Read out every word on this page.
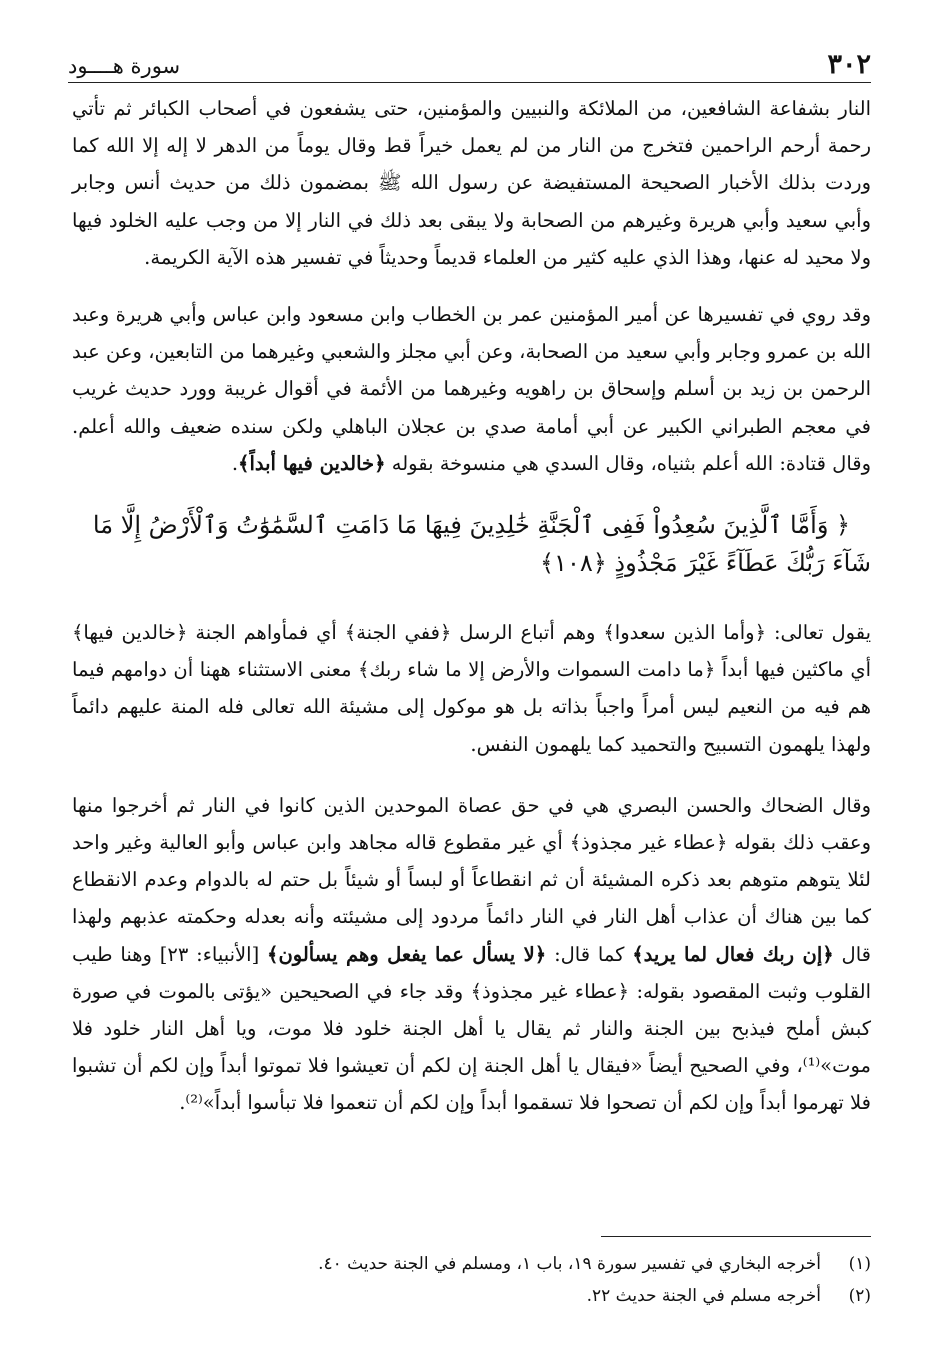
٣٠٢
سورة هــــود

النار بشفاعة الشافعين، من الملائكة والنبيين والمؤمنين، حتى يشفعون في أصحاب الكبائر ثم تأتي رحمة أرحم الراحمين فتخرج من النار من لم يعمل خيراً قط وقال يوماً من الدهر لا إله إلا الله كما وردت بذلك الأخبار الصحيحة المستفيضة عن رسول الله ﷺ بمضمون ذلك من حديث أنس وجابر وأبي سعيد وأبي هريرة وغيرهم من الصحابة ولا يبقى بعد ذلك في النار إلا من وجب عليه الخلود فيها ولا محيد له عنها، وهذا الذي عليه كثير من العلماء قديماً وحديثاً في تفسير هذه الآية الكريمة.

وقد روي في تفسيرها عن أمير المؤمنين عمر بن الخطاب وابن مسعود وابن عباس وأبي هريرة وعبد الله بن عمرو وجابر وأبي سعيد من الصحابة، وعن أبي مجلز والشعبي وغيرهما من التابعين، وعن عبد الرحمن بن زيد بن أسلم وإسحاق بن راهويه وغيرهما من الأئمة في أقوال غريبة وورد حديث غريب في معجم الطبراني الكبير عن أبي أمامة صدي بن عجلان الباهلي ولكن سنده ضعيف والله أعلم. وقال قتادة: الله أعلم بثنياه، وقال السدي هي منسوخة بقوله ﴿خالدين فيها أبداً﴾.

﴿ وَأَمَّا ٱلَّذِينَ سُعِدُواْ فَفِى ٱلْجَنَّةِ خَٰلِدِينَ فِيهَا مَا دَامَتِ ٱلسَّمَٰوَٰتُ وَٱلْأَرْضُ إِلَّا مَا شَآءَ رَبُّكَ عَطَآءً غَيْرَ مَجْذُوذٍ ﴿١٠٨﴾

يقول تعالى: ﴿وأما الذين سعدوا﴾ وهم أتباع الرسل ﴿ففي الجنة﴾ أي فمأواهم الجنة ﴿خالدين فيها﴾ أي ماكثين فيها أبداً ﴿ما دامت السموات والأرض إلا ما شاء ربك﴾ معنى الاستثناء ههنا أن دوامهم فيما هم فيه من النعيم ليس أمراً واجباً بذاته بل هو موكول إلى مشيئة الله تعالى فله المنة عليهم دائماً ولهذا يلهمون التسبيح والتحميد كما يلهمون النفس.

وقال الضحاك والحسن البصري هي في حق عصاة الموحدين الذين كانوا في النار ثم أخرجوا منها وعقب ذلك بقوله ﴿عطاء غير مجذوذ﴾ أي غير مقطوع قاله مجاهد وابن عباس وأبو العالية وغير واحد لئلا يتوهم متوهم بعد ذكره المشيئة أن ثم انقطاعاً أو لبساً أو شيئاً بل حتم له بالدوام وعدم الانقطاع كما بين هناك أن عذاب أهل النار في النار دائماً مردود إلى مشيئته وأنه بعدله وحكمته عذبهم ولهذا قال ﴿إن ربك فعال لما يريد﴾ كما قال: ﴿لا يسأل عما يفعل وهم يسألون﴾ [الأنبياء: ٢٣] وهنا طيب القلوب وثبت المقصود بقوله: ﴿عطاء غير مجذوذ﴾ وقد جاء في الصحيحين «يؤتى بالموت في صورة كبش أملح فيذبح بين الجنة والنار ثم يقال يا أهل الجنة خلود فلا موت، ويا أهل النار خلود فلا موت»⁽¹⁾، وفي الصحيح أيضاً «فيقال يا أهل الجنة إن لكم أن تعيشوا فلا تموتوا أبداً وإن لكم أن تشبوا فلا تهرموا أبداً وإن لكم أن تصحوا فلا تسقموا أبداً وإن لكم أن تنعموا فلا تبأسوا أبداً»⁽²⁾.

(١)
أخرجه البخاري في تفسير سورة ١٩، باب ١، ومسلم في الجنة حديث ٤٠.
(٢)
أخرجه مسلم في الجنة حديث ٢٢.
